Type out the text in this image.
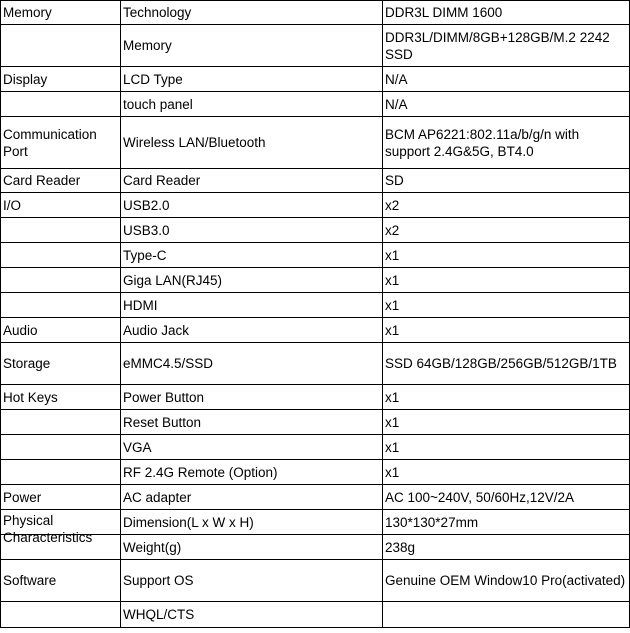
Memory	Technology	DDR3L DIMM 1600
	Memory	DDR3L/DIMM/8GB+128GB/M.2 2242 SSD
Display	LCD Type	N/A
	touch panel	N/A
Communication Port	Wireless LAN/Bluetooth	BCM AP6221:802.11a/b/g/n with support 2.4G&5G, BT4.0
Card Reader	Card Reader	SD
I/O	USB2.0	x2
	USB3.0	x2
	Type-C	x1
	Giga LAN(RJ45)	x1
	HDMI	x1
Audio	Audio Jack	x1
Storage	eMMC4.5/SSD	SSD 64GB/128GB/256GB/512GB/1TB
Hot Keys	Power Button	x1
	Reset Button	x1
	VGA	x1
	RF 2.4G Remote (Option)	x1
Power	AC adapter	AC 100~240V, 50/60Hz,12V/2A

Physical Characteristics	Dimension(L x W x H)	130*130*27mm
	Weight(g)	238g
Software	Support OS	Genuine OEM Window10 Pro(activated)
	WHQL/CTS	
